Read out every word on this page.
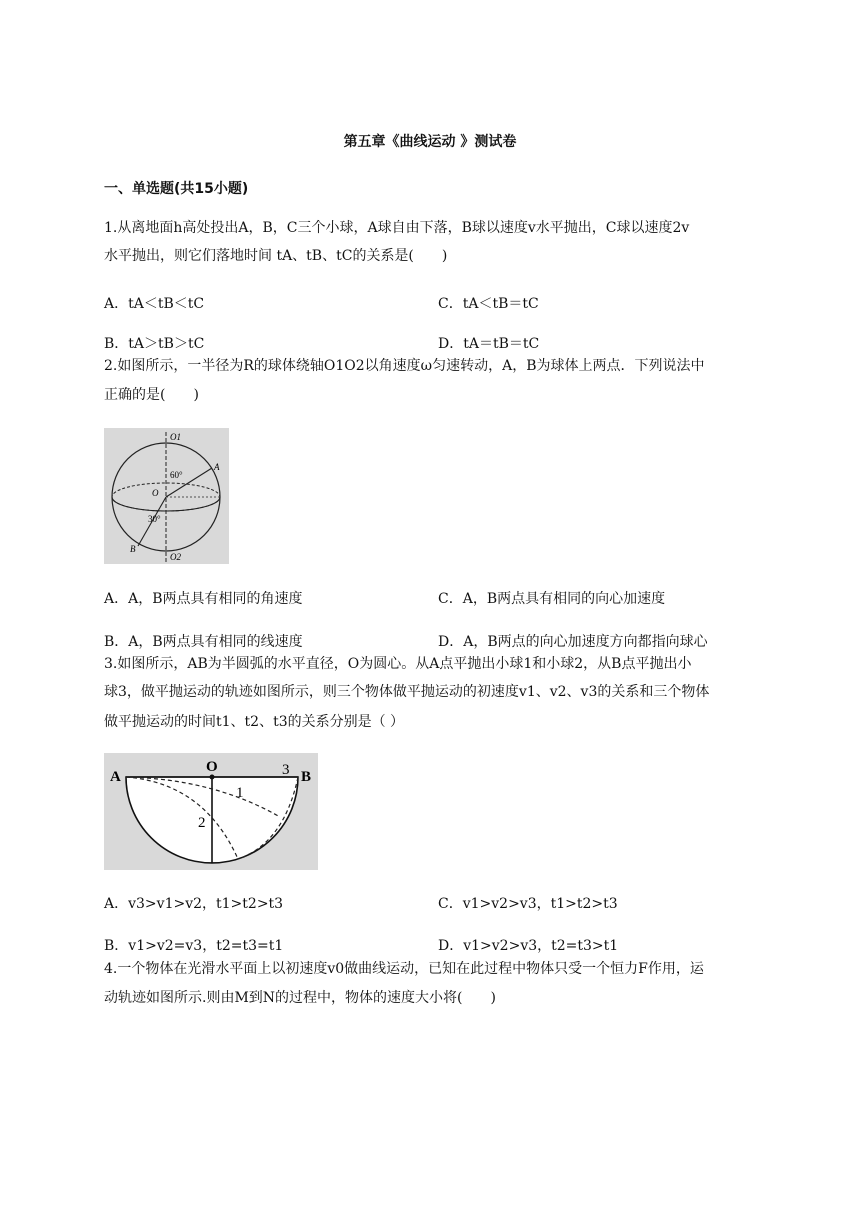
第五章《曲线运动 》测试卷
一、单选题(共15小题)
1.从离地面h高处投出A，B，C三个小球，A球自由下落，B球以速度v水平抛出，C球以速度2v
水平抛出，则它们落地时间 tA、tB、tC的关系是(　　)
A．tA＜tB＜tC	C．tA＜tB＝tC
B．tA＞tB＞tC	D．tA＝tB＝tC
2.如图所示，一半径为R的球体绕轴O1O2以角速度ω匀速转动，A，B为球体上两点．下列说法中
正确的是(　　)
O1
60°
A
O
30°
B
O2
A．A，B两点具有相同的角速度	C．A，B两点具有相同的向心加速度
B．A，B两点具有相同的线速度	D．A，B两点的向心加速度方向都指向球心
3.如图所示，AB为半圆弧的水平直径，O为圆心。从A点平抛出小球1和小球2，从B点平抛出小
球3，做平抛运动的轨迹如图所示，则三个物体做平抛运动的初速度v1、v2、v3的关系和三个物体
做平抛运动的时间t1、t2、t3的关系分别是（ ）
A
O	3 B
1
2
A．v3>v1>v2，t1>t2>t3	C．v1>v2>v3，t1>t2>t3
B．v1>v2=v3，t2=t3=t1	D．v1>v2>v3，t2=t3>t1
4.一个物体在光滑水平面上以初速度v0做曲线运动，已知在此过程中物体只受一个恒力F作用，运
动轨迹如图所示.则由M到N的过程中，物体的速度大小将(　　)
